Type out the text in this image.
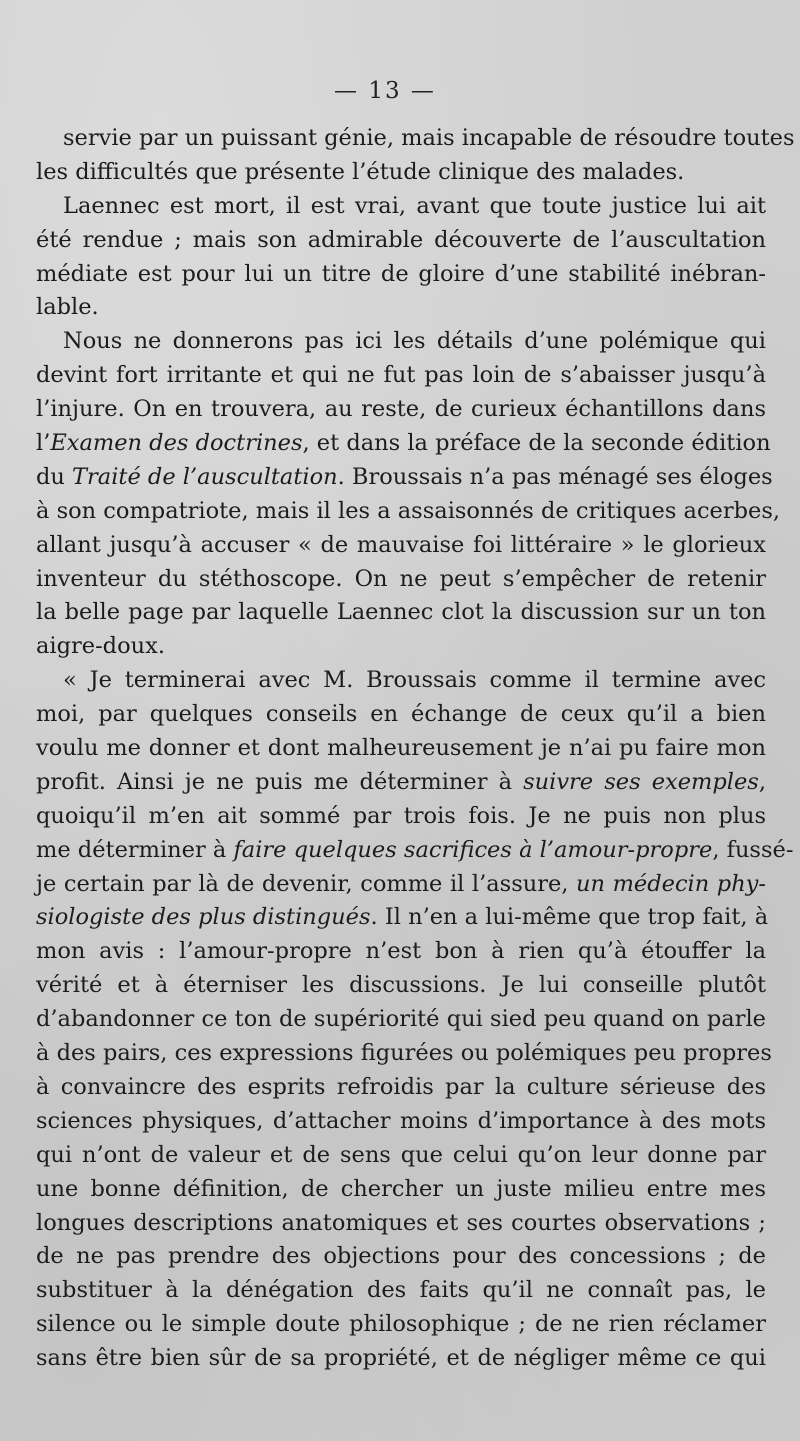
— 13 —
servie par un puissant génie, mais incapable de résoudre toutes
les difficultés que présente l’étude clinique des malades.
Laennec est mort, il est vrai, avant que toute justice lui ait
été rendue ; mais son admirable découverte de l’auscultation
médiate est pour lui un titre de gloire d’une stabilité inébran-
lable.
Nous ne donnerons pas ici les détails d’une polémique qui
devint fort irritante et qui ne fut pas loin de s’abaisser jusqu’à
l’injure. On en trouvera, au reste, de curieux échantillons dans
l’Examen des doctrines, et dans la préface de la seconde édition
du Traité de l’auscultation. Broussais n’a pas ménagé ses éloges
à son compatriote, mais il les a assaisonnés de critiques acerbes,
allant jusqu’à accuser « de mauvaise foi littéraire » le glorieux
inventeur du stéthoscope. On ne peut s’empêcher de retenir
la belle page par laquelle Laennec clot la discussion sur un ton
aigre-doux.
« Je terminerai avec M. Broussais comme il termine avec
moi, par quelques conseils en échange de ceux qu’il a bien
voulu me donner et dont malheureusement je n’ai pu faire mon
profit. Ainsi je ne puis me déterminer à suivre ses exemples,
quoiqu’il m’en ait sommé par trois fois. Je ne puis non plus
me déterminer à faire quelques sacrifices à l’amour-propre, fussé-
je certain par là de devenir, comme il l’assure, un médecin phy-
siologiste des plus distingués. Il n’en a lui-même que trop fait, à
mon avis : l’amour-propre n’est bon à rien qu’à étouffer la
vérité et à éterniser les discussions. Je lui conseille plutôt
d’abandonner ce ton de supériorité qui sied peu quand on parle
à des pairs, ces expressions figurées ou polémiques peu propres
à convaincre des esprits refroidis par la culture sérieuse des
sciences physiques, d’attacher moins d’importance à des mots
qui n’ont de valeur et de sens que celui qu’on leur donne par
une bonne définition, de chercher un juste milieu entre mes
longues descriptions anatomiques et ses courtes observations ;
de ne pas prendre des objections pour des concessions ; de
substituer à la dénégation des faits qu’il ne connaît pas, le
silence ou le simple doute philosophique ; de ne rien réclamer
sans être bien sûr de sa propriété, et de négliger même ce qui
